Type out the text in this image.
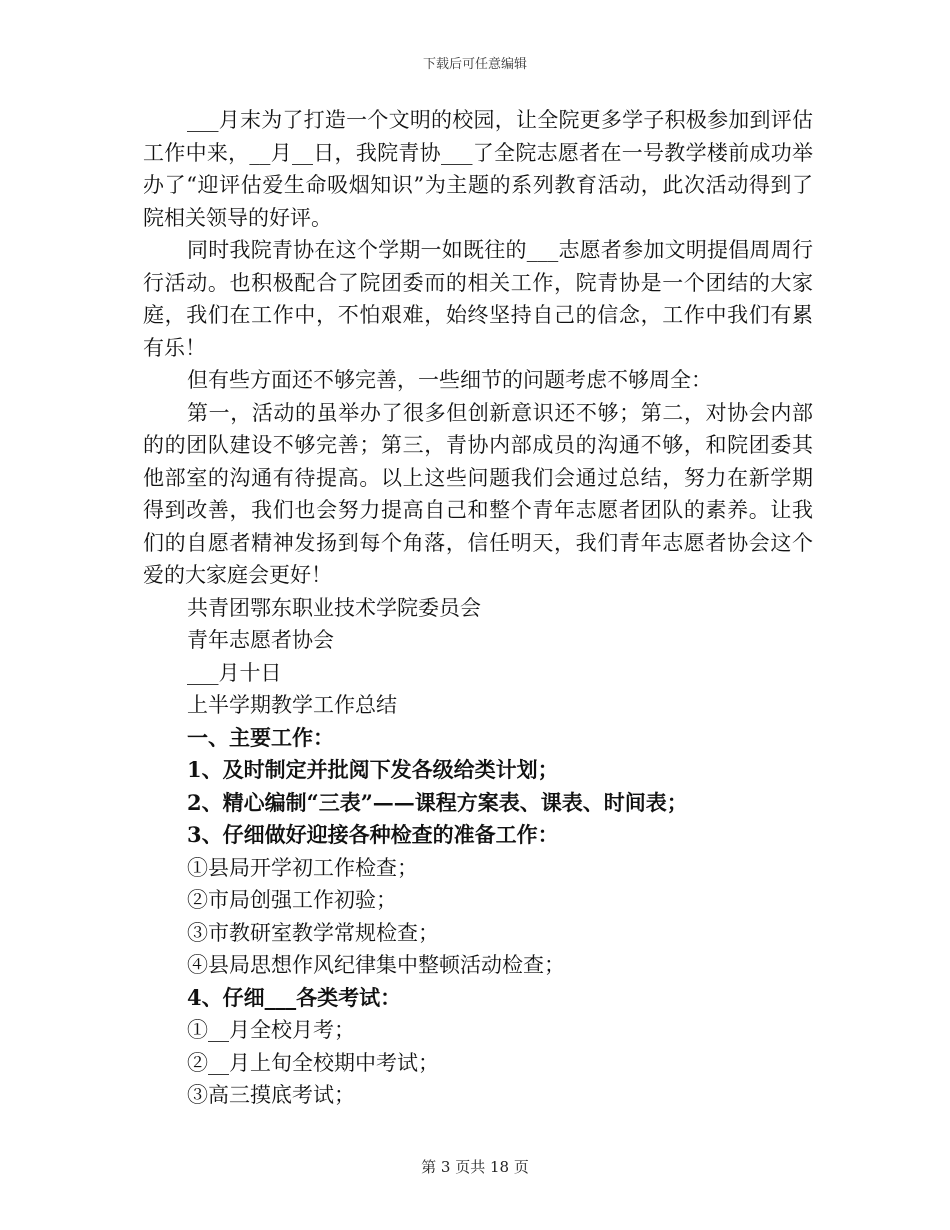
下载后可任意编辑

___月末为了打造一个文明的校园，让全院更多学子积极参加到评估工作中来，__月__日，我院青协___了全院志愿者在一号教学楼前成功举办了“迎评估爱生命吸烟知识”为主题的系列教育活动，此次活动得到了院相关领导的好评。

同时我院青协在这个学期一如既往的___志愿者参加文明提倡周周行行活动。也积极配合了院团委而的相关工作，院青协是一个团结的大家庭，我们在工作中，不怕艰难，始终坚持自己的信念，工作中我们有累有乐！

但有些方面还不够完善，一些细节的问题考虑不够周全：

第一，活动的虽举办了很多但创新意识还不够；第二，对协会内部的的团队建设不够完善；第三，青协内部成员的沟通不够，和院团委其他部室的沟通有待提高。以上这些问题我们会通过总结，努力在新学期得到改善，我们也会努力提高自己和整个青年志愿者团队的素养。让我们的自愿者精神发扬到每个角落，信任明天，我们青年志愿者协会这个爱的大家庭会更好！

共青团鄂东职业技术学院委员会

青年志愿者协会

___月十日

上半学期教学工作总结

一、主要工作：

1、及时制定并批阅下发各级给类计划；

2、精心编制“三表”——课程方案表、课表、时间表；

3、仔细做好迎接各种检查的准备工作：

①县局开学初工作检查；

②市局创强工作初验；

③市教研室教学常规检查；

④县局思想作风纪律集中整顿活动检查；

4、仔细___各类考试：

①__月全校月考；

②__月上旬全校期中考试；

③高三摸底考试；

第 3 页共 18 页
